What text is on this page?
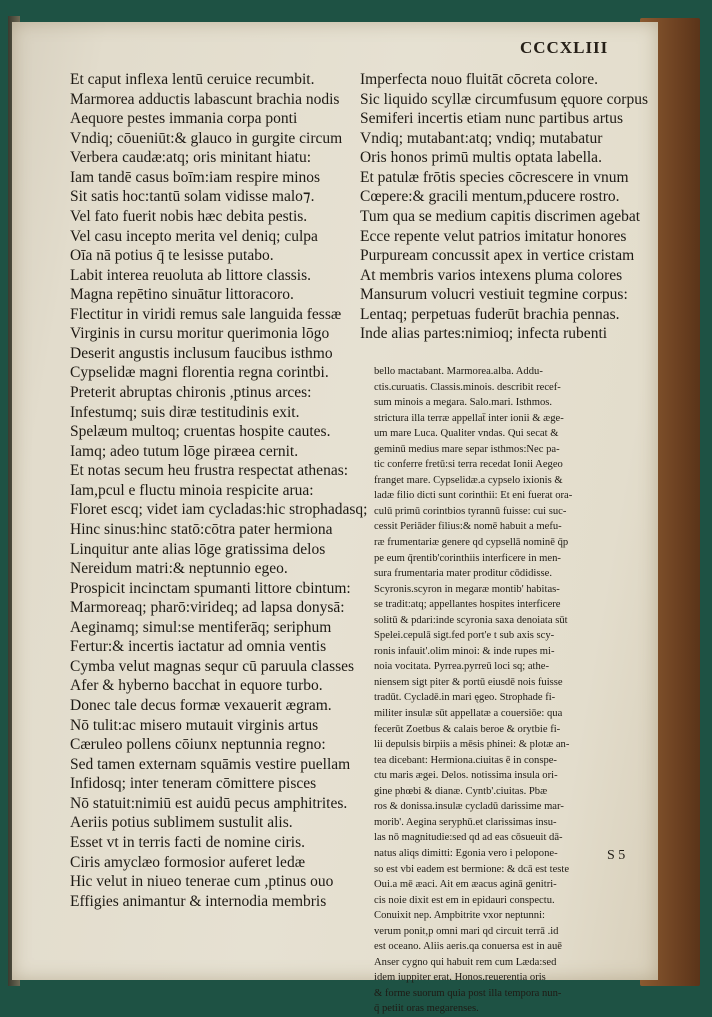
CCCXLIII
Et caput inflexa lentū ceruice recumbit.
Marmorea adductis labascunt brachia nodis
Aequore pestes immania corpa ponti
Vndiq; cōueniūt:& glauco in gurgite circum
Verbera caudæ:atq; oris minitant hiatu:
Iam tandē casus boīm:iam respire minos
Sit satis hoc:tantū solam vidisse malo⁊.
Vel fato fuerit nobis hæc debita pestis.
Vel casu incepto merita vel deniq; culpa
Oīa nā potius q̄ te lesisse putabo.
Labit interea reuoluta ab littore classis.
Magna repētino sinuātur littoracoro.
Flectitur in viridi remus sale languida fessæ
Virginis in cursu moritur querimonia lōgo
Deserit angustis inclusum faucibus isthmo
Cypselidæ magni florentia regna corintbi.
Preterit abruptas chironis ,ptinus arces:
Infestumq; suis diræ testitudinis exit.
Spelæum multoq; cruentas hospite cautes.
Iamq; adeo tutum lōge piræea cernit.
Et notas secum heu frustra respectat athenas:
Iam,pcul e fluctu minoia respicite arua:
Floret escq; videt iam cycladas:hic strophadasq;
Hinc sinus:hinc statō:cōtra pater hermiona
Linquitur ante alias lōge gratissima delos
Nereidum matri:& neptunnio egeo.
Prospicit incinctam spumanti littore cbintum:
Marmoreaq; pharō:virideq; ad lapsa donysā:
Aeginamq; simul:se mentiferāq; seriphum
Fertur:& incertis iactatur ad omnia ventis
Cymba velut magnas sequr cū paruula classes
Afer & hyberno bacchat in equore turbo.
Donec tale decus formæ vexauerit ægram.
Nō tulit:ac misero mutauit virginis artus
Cæruleo pollens cōiunx neptunnia regno:
Sed tamen externam squāmis vestire puellam
Infidosq; inter teneram cōmittere pisces
Nō statuit:nimiū est auidū pecus amphitrites.
Aeriis potius sublimem sustulit alis.
Esset vt in terris facti de nomine ciris.
Ciris amyclæo formosior auferet ledæ
Hic velut in niueo tenerae cum ,ptinus ouo
Effigies animantur & internodia membris
Imperfecta nouo fluitāt cōcreta colore.
Sic liquido scyllæ circumfusum ęquore corpus
Semiferi incertis etiam nunc partibus artus
Vndiq; mutabant:atq; vndiq; mutabatur
Oris honos primū multis optata labella.
Et patulæ frōtis species cōcrescere in vnum
Cœpere:& gracili mentum,pducere rostro.
Tum qua se medium capitis discrimen agebat
Ecce repente velut patrios imitatur honores
Purpuream concussit apex in vertice cristam
At membris varios intexens pluma colores
Mansurum volucri vestiuit tegmine corpus:
Lentaq; perpetuas fuderūt brachia pennas.
Inde alias partes:nimioq; infecta rubenti
bello mactabant. Marmorea.alba. Addu-
ctis.curuatis. Classis.minois. describit recef-
sum minois a megara. Salo.mari. Isthmos.
strictura illa terræ appellat̄ inter ionii & æge-
um mare Luca. Qualiter vndas. Qui secat &
geminū medius mare separ isthmos:Nec pa-
tic conferre fretū:si terra recedat Ionii Aegeo
franget mare. Cypselidæ.a cypselo ixionis &
ladæ filio dicti sunt corinthii: Et eni fuerat ora-
culū primū corintbios tyrannū fuisse: cui suc-
cessit Periāder filius:& nomē habuit a mefu-
ræ frumentariæ genere qd cypsellā nominē q̄p
pe eum q̄rentib'corinthiis interficere in men-
sura frumentaria mater proditur cōdidisse.
Scyronis.scyron in megaræ montib' habitas-
se tradit:atq; appellantes hospites interficere
solitū & pdari:inde scyronia saxa denoiata sūt
Spelei.cepulā sigt.fed port'e t sub axis scy-
ronis infauit'.olim minoi: & inde rupes mi-
noia vocitata. Pyrrea.pyrreū loci sq; athe-
niensem sigt piter & portū eiusdē nois fuisse
tradūt. Cycladē.in mari ęgeo. Strophade fi-
militer insulæ sūt appellatæ a couersiōe: qua
fecerūt Zoetbus & calais beroe & orytbie fi-
lii depulsis birpiis a mēsis phinei: & plotæ an-
tea dicebant: Hermiona.ciuitas ē in conspe-
ctu maris ægei. Delos. notissima insula ori-
gine phœbi & dianæ. Cyntb'.ciuitas. Pbæ
ros & donissa.insulæ cycladū darissime mar-
morib'. Aegina seryphū.et clarissimas insu-
las nō magnitudie:sed qd ad eas cōsueuit dā-
natus aliqs dimitti: Egonia vero i pelopone-
so est vbi eadem est bermione: & dcā est teste
Oui.a mē æaci. Ait em æacus aginā genitri-
cis noie dixit est em in epidauri conspectu.
Conuixit nep. Ampbitrite vxor neptunni:
verum ponit,p omni mari qd circuit terrā .id
est oceano. Aliis aeris.qa conuersa est in auē
Anser cygno qui habuit rem cum Læda:sed
idem iuppiter erat. Honos.reuerentia oris
& forme suorum quia post illa tempora nun-
q̄ petiit oras megarenses.
S 5
